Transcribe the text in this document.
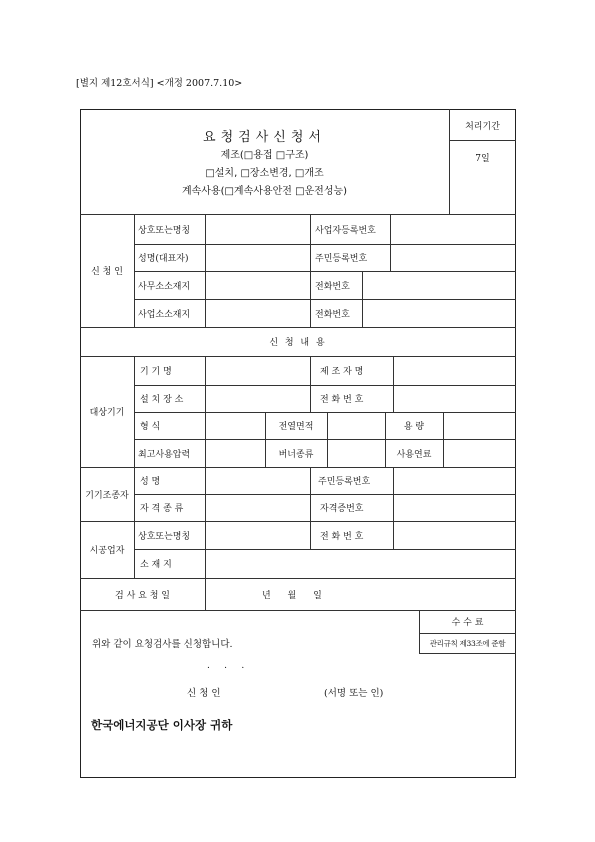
[별지 제12호서식] <개정 2007.7.10>
요청검사신청서
제조(□용접 □구조)
□설치, □장소변경, □개조
계속사용(□계속사용안전 □운전성능)
처리기간
7일
신 청 인
상호또는명칭	사업자등록번호
성명(대표자)	주민등록번호
사무소소재지	전화번호
사업소소재지	전화번호
신 청 내 용
대상기기
기 기 명	제 조 자 명
설 치 장 소	전 화 번 호
형 식	전열면적	용 량
최고사용압력	버너종류	사용연료
기기조종자
성 명	주민등록번호
자 격 종 류	자격증번호
시공업자
상호또는명칭	전 화 번 호
소 재 지
검 사 요 청 일	년 월 일
수 수 료
관리규칙 제33조에 준함
위와 같이 요청검사를 신청합니다.
.     .     .
신 청 인	(서명 또는 인)
한국에너지공단 이사장 귀하
